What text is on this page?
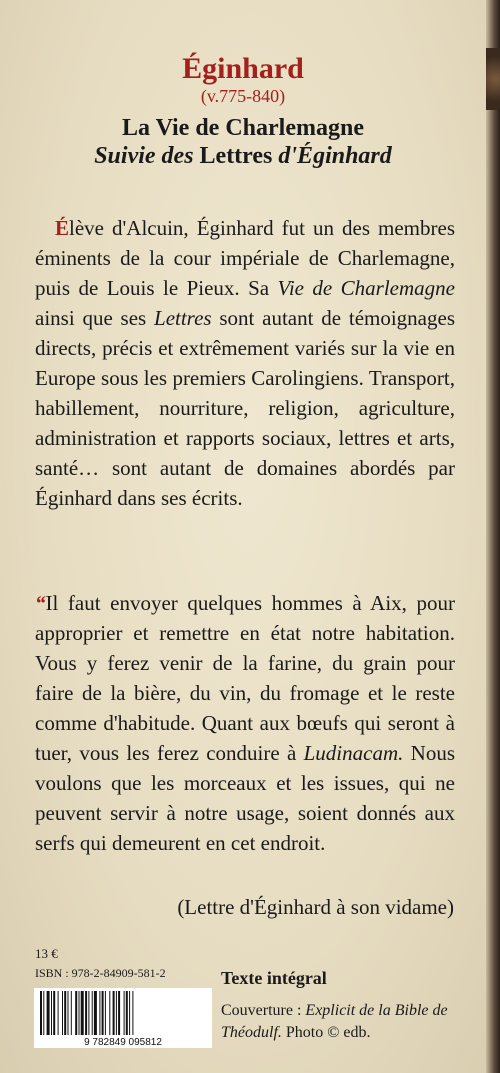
Éginhard
(v.775-840)
La Vie de Charlemagne
Suivie des Lettres d'Éginhard
Élève d'Alcuin, Éginhard fut un des membres éminents de la cour impériale de Charlemagne, puis de Louis le Pieux. Sa Vie de Charlemagne ainsi que ses Lettres sont autant de témoignages directs, précis et extrêmement variés sur la vie en Europe sous les premiers Carolingiens. Transport, habillement, nourriture, religion, agriculture, administration et rapports sociaux, lettres et arts, santé… sont autant de domaines abordés par Éginhard dans ses écrits.
“Il faut envoyer quelques hommes à Aix, pour approprier et remettre en état notre habitation. Vous y ferez venir de la farine, du grain pour faire de la bière, du vin, du fromage et le reste comme d'habitude. Quant aux bœufs qui seront à tuer, vous les ferez conduire à Ludinacam. Nous voulons que les morceaux et les issues, qui ne peuvent servir à notre usage, soient donnés aux serfs qui demeurent en cet endroit.
(Lettre d'Éginhard à son vidame)
13 €
ISBN : 978-2-84909-581-2
9 782849 095812
Texte intégral
Couverture : Explicit de la Bible de Théodulf. Photo © edb.
